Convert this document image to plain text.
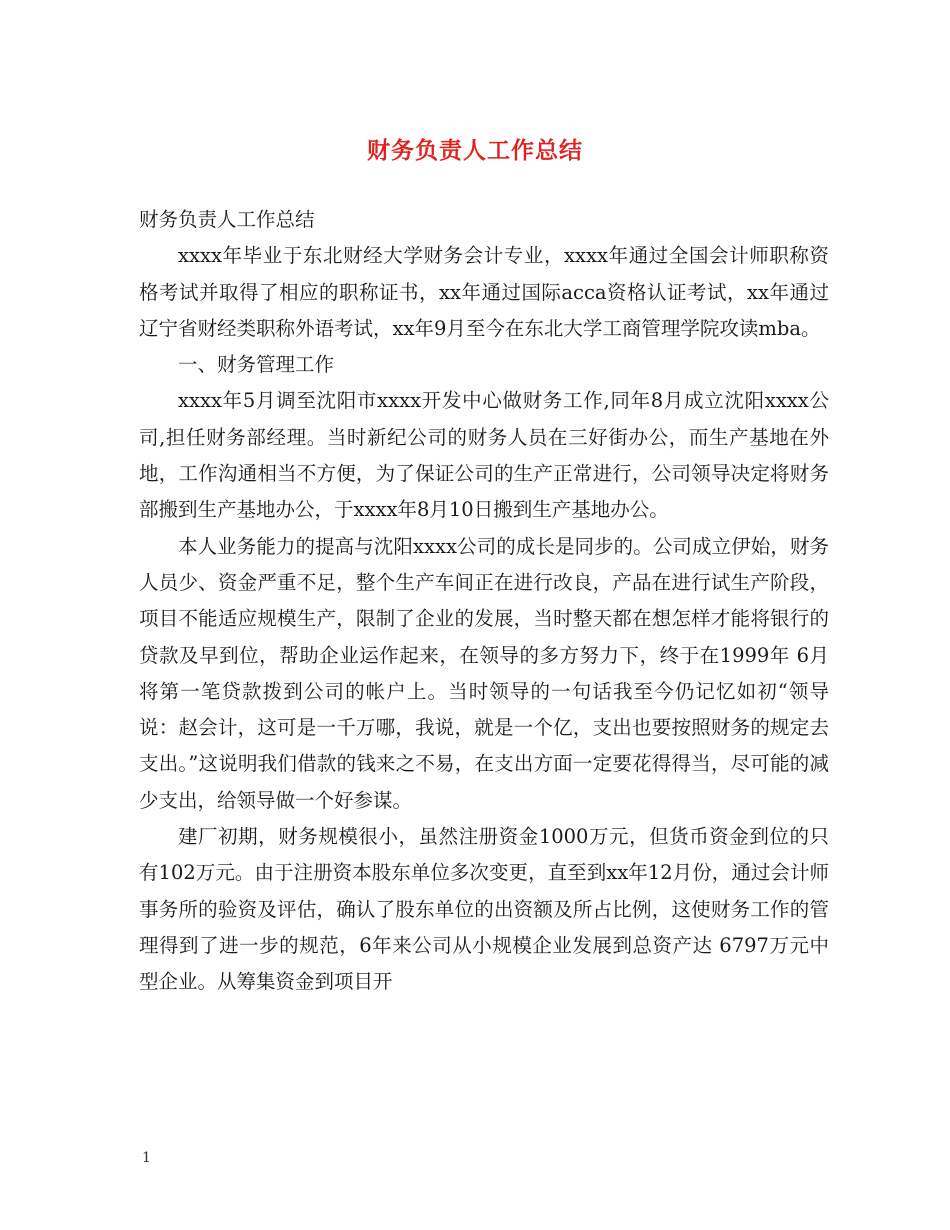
财务负责人工作总结

财务负责人工作总结

xxxx年毕业于东北财经大学财务会计专业，xxxx年通过全国会计师职称资格考试并取得了相应的职称证书，xx年通过国际acca资格认证考试，xx年通过辽宁省财经类职称外语考试，xx年9月至今在东北大学工商管理学院攻读mba。

一、财务管理工作

xxxx年5月调至沈阳市xxxx开发中心做财务工作,同年8月成立沈阳xxxx公司,担任财务部经理。当时新纪公司的财务人员在三好街办公，而生产基地在外地，工作沟通相当不方便，为了保证公司的生产正常进行，公司领导决定将财务部搬到生产基地办公，于xxxx年8月10日搬到生产基地办公。

本人业务能力的提高与沈阳xxxx公司的成长是同步的。公司成立伊始，财务人员少、资金严重不足，整个生产车间正在进行改良，产品在进行试生产阶段，项目不能适应规模生产，限制了企业的发展，当时整天都在想怎样才能将银行的贷款及早到位，帮助企业运作起来，在领导的多方努力下，终于在1999年 6月将第一笔贷款拨到公司的帐户上。当时领导的一句话我至今仍记忆如初“领导说：赵会计，这可是一千万哪，我说，就是一个亿，支出也要按照财务的规定去支出。”这说明我们借款的钱来之不易，在支出方面一定要花得得当，尽可能的减少支出，给领导做一个好参谋。

建厂初期，财务规模很小，虽然注册资金1000万元，但货币资金到位的只有102万元。由于注册资本股东单位多次变更，直至到xx年12月份，通过会计师事务所的验资及评估，确认了股东单位的出资额及所占比例，这使财务工作的管理得到了进一步的规范，6年来公司从小规模企业发展到总资产达 6797万元中型企业。从筹集资金到项目开

1
